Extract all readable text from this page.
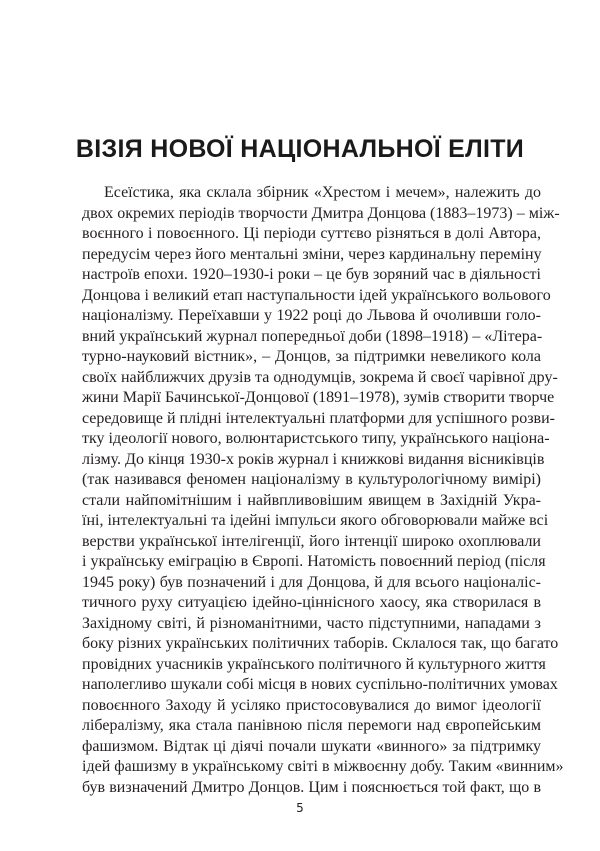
ВІЗІЯ НОВОЇ НАЦІОНАЛЬНОЇ ЕЛІТИ
Есеїстика, яка склала збірник «Хрестом і мечем», належить до
двох окремих періодів творчости Дмитра Донцова (1883–1973) – між-
воєнного і повоєнного. Ці періоди суттєво різняться в долі Автора,
передусім через його ментальні зміни, через кардинальну переміну
настроїв епохи. 1920–1930-і роки – це був зоряний час в діяльності
Донцова і великий етап наступальности ідей українського вольового
націоналізму. Переїхавши у 1922 році до Львова й очоливши голо-
вний український журнал попередньої доби (1898–1918) – «Літера-
турно-науковий вістник», – Донцов, за підтримки невеликого кола
своїх найближчих друзів та однодумців, зокрема й своєї чарівної дру-
жини Марії Бачинської-Донцової (1891–1978), зумів створити творче
середовище й плідні інтелектуальні платформи для успішного розви-
тку ідеології нового, волюнтаристського типу, українського націона-
лізму. До кінця 1930-х років журнал і книжкові видання вісниківців
(так називався феномен націоналізму в культурологічному вимірі)
стали найпомітнішим і найвпливовішим явищем в Західній Укра-
їні, інтелектуальні та ідейні імпульси якого обговорювали майже всі
верстви української інтелігенції, його інтенції широко охоплювали
і українську еміграцію в Європі. Натомість повоєнний період (після
1945 року) був позначений і для Донцова, й для всього націоналіс-
тичного руху ситуацією ідейно-ціннісного хаосу, яка створилася в
Західному світі, й різноманітними, часто підступними, нападами з
боку різних українських політичних таборів. Склалося так, що багато
провідних учасників українського політичного й культурного життя
наполегливо шукали собі місця в нових суспільно-політичних умовах
повоєнного Заходу й усіляко пристосовувалися до вимог ідеології
лібералізму, яка стала панівною після перемоги над європейським
фашизмом. Відтак ці діячі почали шукати «винного» за підтримку
ідей фашизму в українському світі в міжвоєнну добу. Таким «винним»
був визначений Дмитро Донцов. Цим і пояснюється той факт, що в
5
